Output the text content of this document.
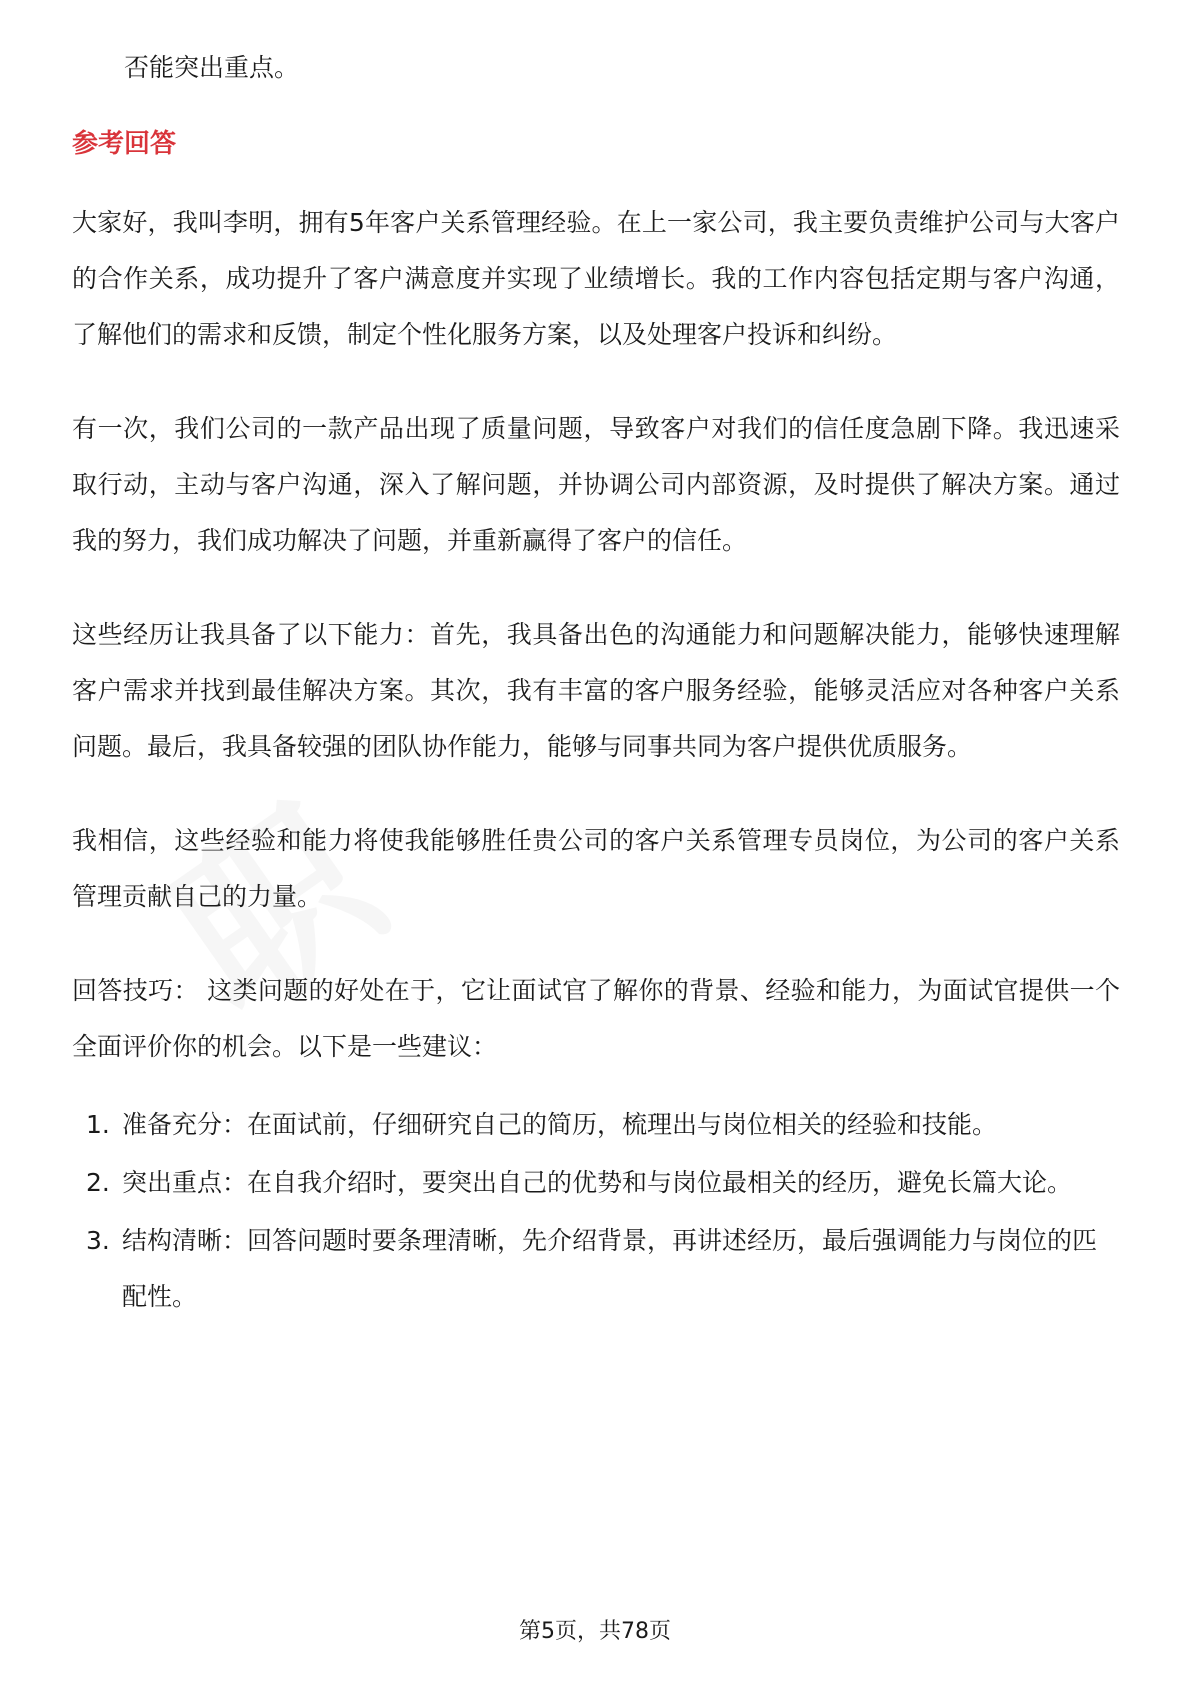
否能突出重点。

参考回答

大家好，我叫李明，拥有5年客户关系管理经验。在上一家公司，我主要负责维护公司与大客户的合作关系，成功提升了客户满意度并实现了业绩增长。我的工作内容包括定期与客户沟通，了解他们的需求和反馈，制定个性化服务方案，以及处理客户投诉和纠纷。

有一次，我们公司的一款产品出现了质量问题，导致客户对我们的信任度急剧下降。我迅速采取行动，主动与客户沟通，深入了解问题，并协调公司内部资源，及时提供了解决方案。通过我的努力，我们成功解决了问题，并重新赢得了客户的信任。

这些经历让我具备了以下能力：首先，我具备出色的沟通能力和问题解决能力，能够快速理解客户需求并找到最佳解决方案。其次，我有丰富的客户服务经验，能够灵活应对各种客户关系问题。最后，我具备较强的团队协作能力，能够与同事共同为客户提供优质服务。

我相信，这些经验和能力将使我能够胜任贵公司的客户关系管理专员岗位，为公司的客户关系管理贡献自己的力量。

回答技巧： 这类问题的好处在于，它让面试官了解你的背景、经验和能力，为面试官提供一个全面评价你的机会。以下是一些建议：

1. 准备充分：在面试前，仔细研究自己的简历，梳理出与岗位相关的经验和技能。
2. 突出重点：在自我介绍时，要突出自己的优势和与岗位最相关的经历，避免长篇大论。
3. 结构清晰：回答问题时要条理清晰，先介绍背景，再讲述经历，最后强调能力与岗位的匹配性。
第5页，共78页
